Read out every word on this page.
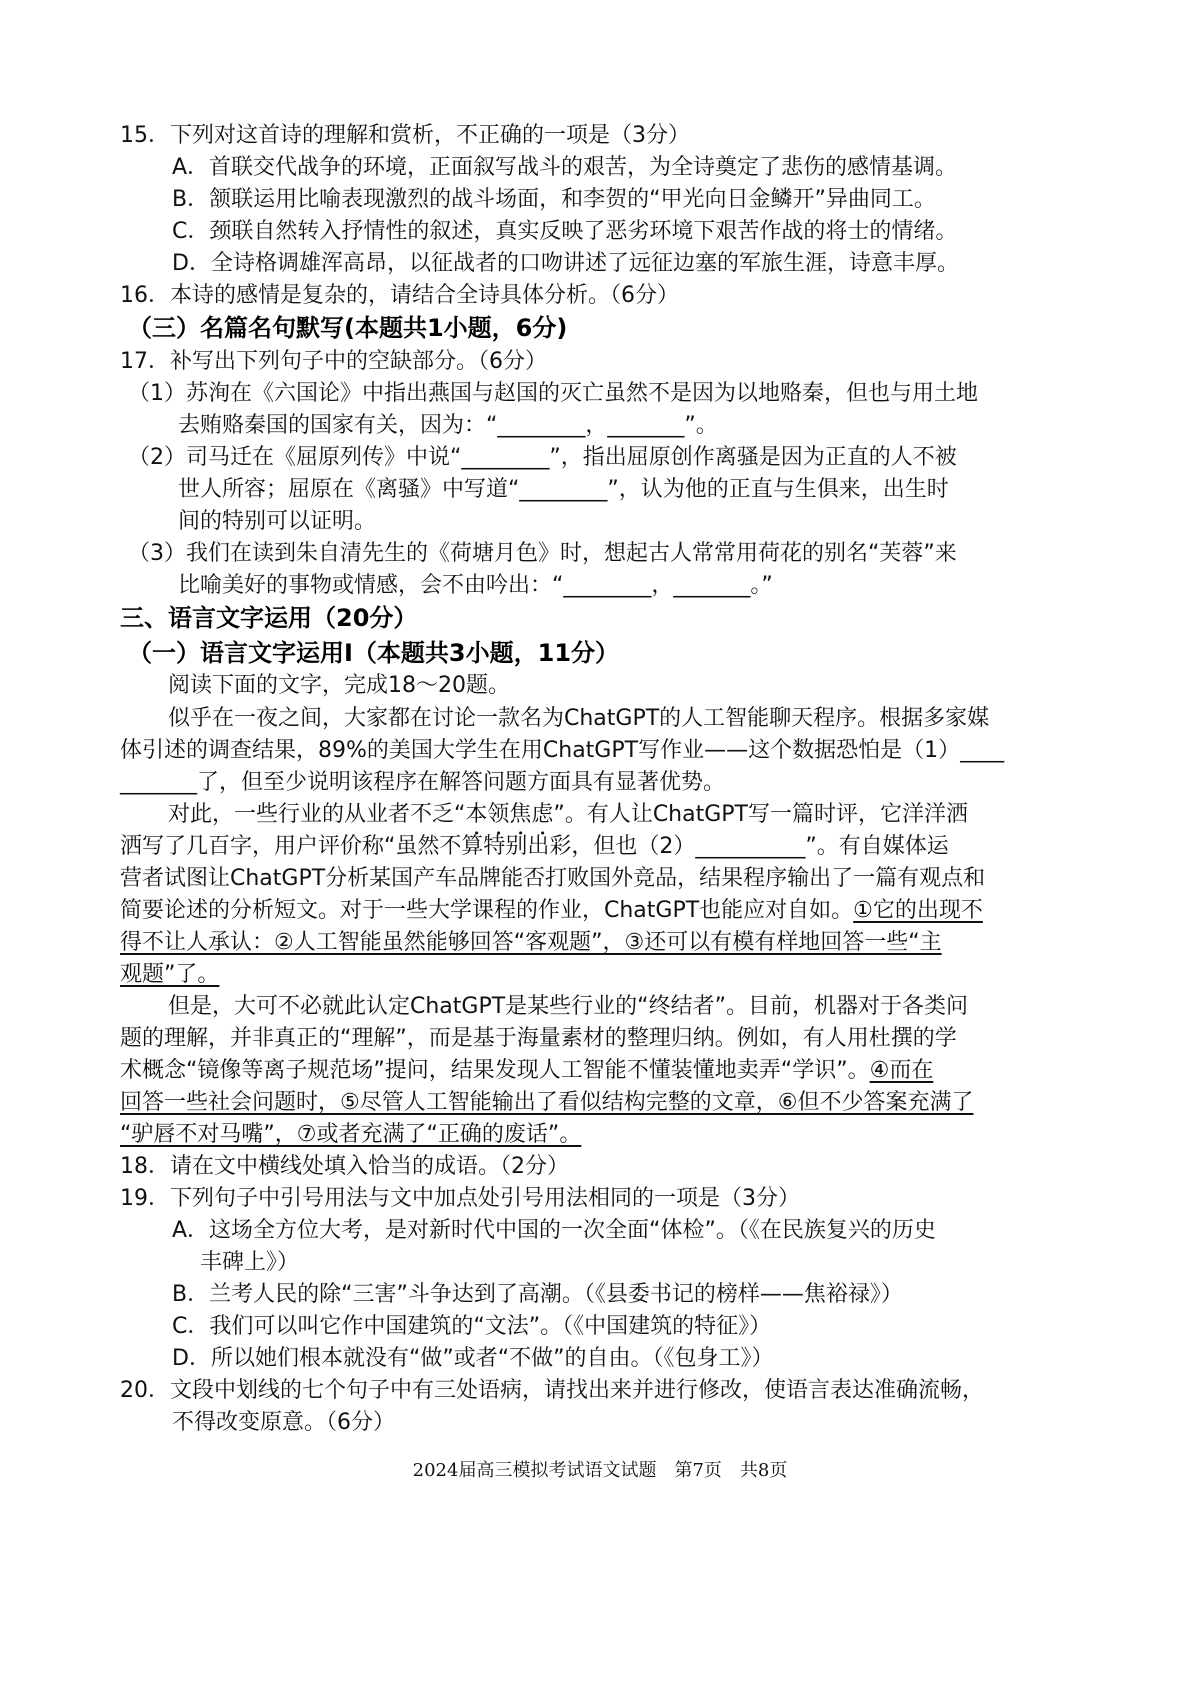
15．下列对这首诗的理解和赏析，不正确的一项是（3分）
A．首联交代战争的环境，正面叙写战斗的艰苦，为全诗奠定了悲伤的感情基调。
B．颔联运用比喻表现激烈的战斗场面，和李贺的“甲光向日金鳞开”异曲同工。
C．颈联自然转入抒情性的叙述，真实反映了恶劣环境下艰苦作战的将士的情绪。
D．全诗格调雄浑高昂，以征战者的口吻讲述了远征边塞的军旅生涯，诗意丰厚。
16．本诗的感情是复杂的，请结合全诗具体分析。（6分）
（三）名篇名句默写(本题共1小题，6分)
17．补写出下列句子中的空缺部分。（6分）
（1）苏洵在《六国论》中指出燕国与赵国的灭亡虽然不是因为以地赂秦，但也与用土地
去贿赂秦国的国家有关，因为：“________，_______”。
（2）司马迁在《屈原列传》中说“________”，指出屈原创作离骚是因为正直的人不被
世人所容；屈原在《离骚》中写道“________”，认为他的正直与生俱来，出生时
间的特别可以证明。
（3）我们在读到朱自清先生的《荷塘月色》时，想起古人常常用荷花的别名“芙蓉”来
比喻美好的事物或情感，会不由吟出：“________，_______。”
三、语言文字运用（20分）
（一）语言文字运用Ⅰ（本题共3小题，11分）
阅读下面的文字，完成18～20题。
似乎在一夜之间，大家都在讨论一款名为ChatGPT的人工智能聊天程序。根据多家媒
体引述的调查结果，89%的美国大学生在用ChatGPT写作业——这个数据恐怕是（1）____
_______了，但至少说明该程序在解答问题方面具有显著优势。
对此，一些行业的从业者不乏“本领焦虑”。有人让ChatGPT写一篇时评，它洋洋洒
洒写了几百字，用户评价称“虽然不算特别出彩，但也（2）__________”。有自媒体运
营者试图让ChatGPT分析某国产车品牌能否打败国外竞品，结果程序输出了一篇有观点和
简要论述的分析短文。对于一些大学课程的作业，ChatGPT也能应对自如。①它的出现不
得不让人承认：②人工智能虽然能够回答“客观题”，③还可以有模有样地回答一些“主
观题”了。
但是，大可不必就此认定ChatGPT是某些行业的“终结者”。目前，机器对于各类问
题的理解，并非真正的“理解”，而是基于海量素材的整理归纳。例如，有人用杜撰的学
术概念“镜像等离子规范场”提问，结果发现人工智能不懂装懂地卖弄“学识”。④而在
回答一些社会问题时，⑤尽管人工智能输出了看似结构完整的文章，⑥但不少答案充满了
“驴唇不对马嘴”，⑦或者充满了“正确的废话”。
18．请在文中横线处填入恰当的成语。（2分）
19．下列句子中引号用法与文中加点处引号用法相同的一项是（3分）
A．这场全方位大考，是对新时代中国的一次全面“体检”。（《在民族复兴的历史
丰碑上》）
B．兰考人民的除“三害”斗争达到了高潮。（《县委书记的榜样——焦裕禄》）
C．我们可以叫它作中国建筑的“文法”。（《中国建筑的特征》）
D．所以她们根本就没有“做”或者“不做”的自由。（《包身工》）
20．文段中划线的七个句子中有三处语病，请找出来并进行修改，使语言表达准确流畅，
不得改变原意。（6分）
2024届高三模拟考试语文试题　第7页　共8页
